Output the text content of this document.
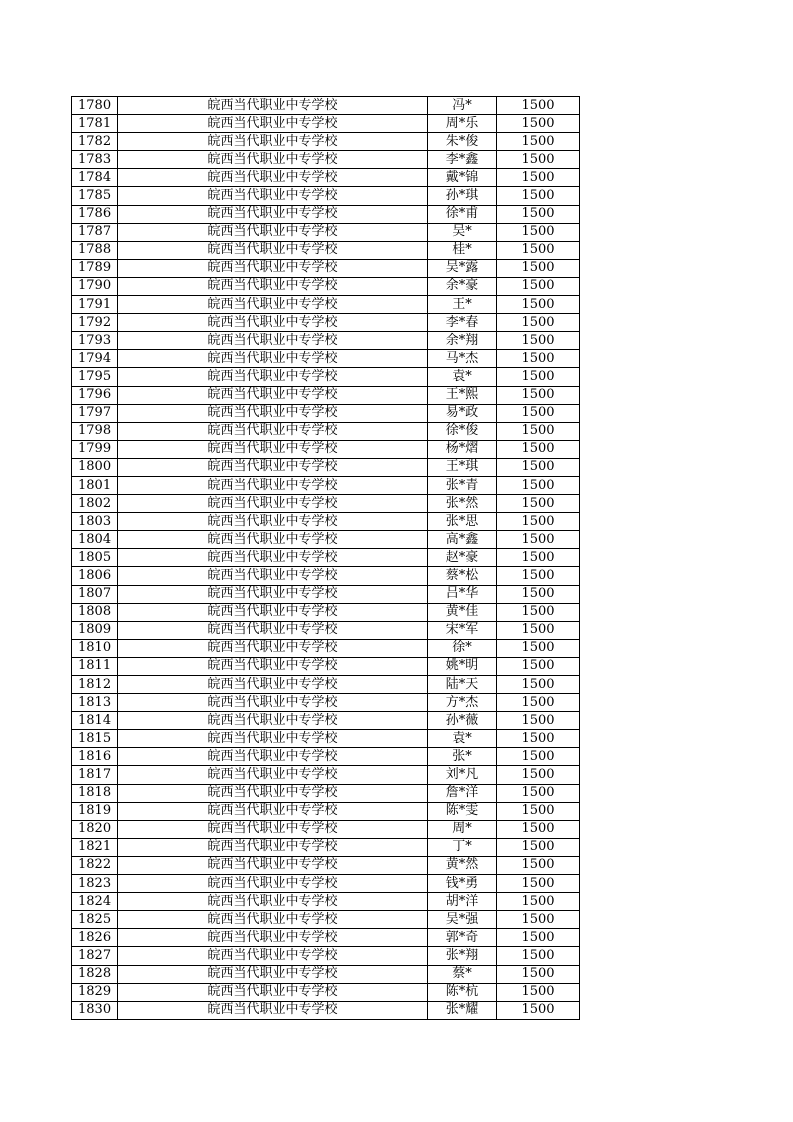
1780	皖西当代职业中专学校	冯*	1500
1781	皖西当代职业中专学校	周*乐	1500
1782	皖西当代职业中专学校	朱*俊	1500
1783	皖西当代职业中专学校	李*鑫	1500
1784	皖西当代职业中专学校	戴*锦	1500
1785	皖西当代职业中专学校	孙*琪	1500
1786	皖西当代职业中专学校	徐*甫	1500
1787	皖西当代职业中专学校	吴*	1500
1788	皖西当代职业中专学校	桂*	1500
1789	皖西当代职业中专学校	吴*露	1500
1790	皖西当代职业中专学校	余*豪	1500
1791	皖西当代职业中专学校	王*	1500
1792	皖西当代职业中专学校	李*春	1500
1793	皖西当代职业中专学校	余*翔	1500
1794	皖西当代职业中专学校	马*杰	1500
1795	皖西当代职业中专学校	袁*	1500
1796	皖西当代职业中专学校	王*熙	1500
1797	皖西当代职业中专学校	易*政	1500
1798	皖西当代职业中专学校	徐*俊	1500
1799	皖西当代职业中专学校	杨*熠	1500
1800	皖西当代职业中专学校	王*琪	1500
1801	皖西当代职业中专学校	张*青	1500
1802	皖西当代职业中专学校	张*然	1500
1803	皖西当代职业中专学校	张*思	1500
1804	皖西当代职业中专学校	高*鑫	1500
1805	皖西当代职业中专学校	赵*豪	1500
1806	皖西当代职业中专学校	蔡*松	1500
1807	皖西当代职业中专学校	吕*华	1500
1808	皖西当代职业中专学校	黄*佳	1500
1809	皖西当代职业中专学校	宋*军	1500
1810	皖西当代职业中专学校	徐*	1500
1811	皖西当代职业中专学校	姚*明	1500
1812	皖西当代职业中专学校	陆*天	1500
1813	皖西当代职业中专学校	方*杰	1500
1814	皖西当代职业中专学校	孙*薇	1500
1815	皖西当代职业中专学校	袁*	1500
1816	皖西当代职业中专学校	张*	1500
1817	皖西当代职业中专学校	刘*凡	1500
1818	皖西当代职业中专学校	詹*洋	1500
1819	皖西当代职业中专学校	陈*雯	1500
1820	皖西当代职业中专学校	周*	1500
1821	皖西当代职业中专学校	丁*	1500
1822	皖西当代职业中专学校	黄*然	1500
1823	皖西当代职业中专学校	钱*勇	1500
1824	皖西当代职业中专学校	胡*洋	1500
1825	皖西当代职业中专学校	吴*强	1500
1826	皖西当代职业中专学校	郭*奇	1500
1827	皖西当代职业中专学校	张*翔	1500
1828	皖西当代职业中专学校	蔡*	1500
1829	皖西当代职业中专学校	陈*杭	1500
1830	皖西当代职业中专学校	张*耀	1500
